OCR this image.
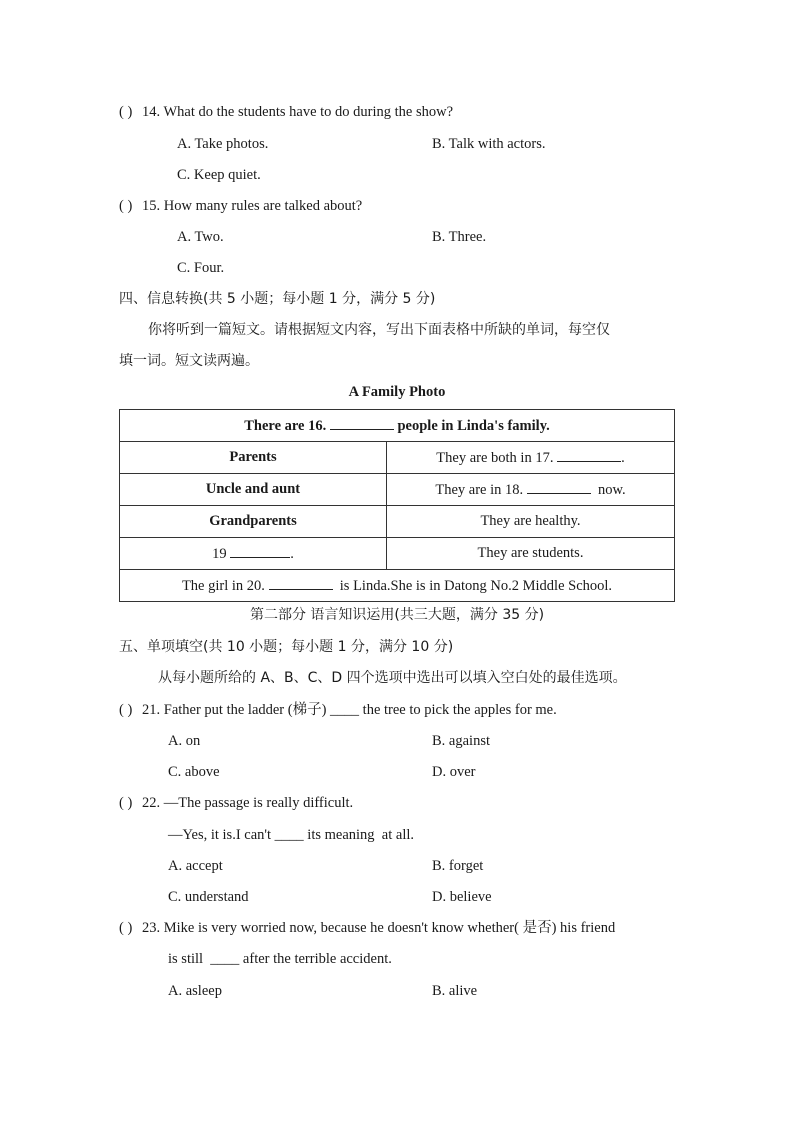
( ) 14. What do the students have to do during the show?
A. Take photos.	B. Talk with actors.
C. Keep quiet.
( ) 15. How many rules are talked about?
A. Two.	B. Three.
C. Four.
四、信息转换(共 5 小题；每小题 1 分，满分 5 分)
你将听到一篇短文。请根据短文内容，写出下面表格中所缺的单词，每空仅
填一词。短文读两遍。
A Family Photo
There are 16. people in Linda's family.	
Parents	They are both in 17. .
Uncle and aunt	They are in 18. now.
Grandparents	They are healthy.
19 .	They are students.
The girl in 20. is Linda.She is in Datong No.2 Middle School.	
第二部分 语言知识运用(共三大题，满分 35 分)
五、单项填空(共 10 小题；每小题 1 分，满分 10 分)
从每小题所给的 A、B、C、D 四个选项中选出可以填入空白处的最佳选项。
( ) 21. Father put the ladder (梯子) ____ the tree to pick the apples for me.
A. on	B. against
C. above	D. over
( ) 22. —The passage is really difficult.
—Yes, it is.I can't ____ its meaning  at all.
A. accept	B. forget
C. understand	D. believe
( ) 23. Mike is very worried now, because he doesn't know whether( 是否) his friend
is still  ____ after the terrible accident.
A. asleep	B. alive
